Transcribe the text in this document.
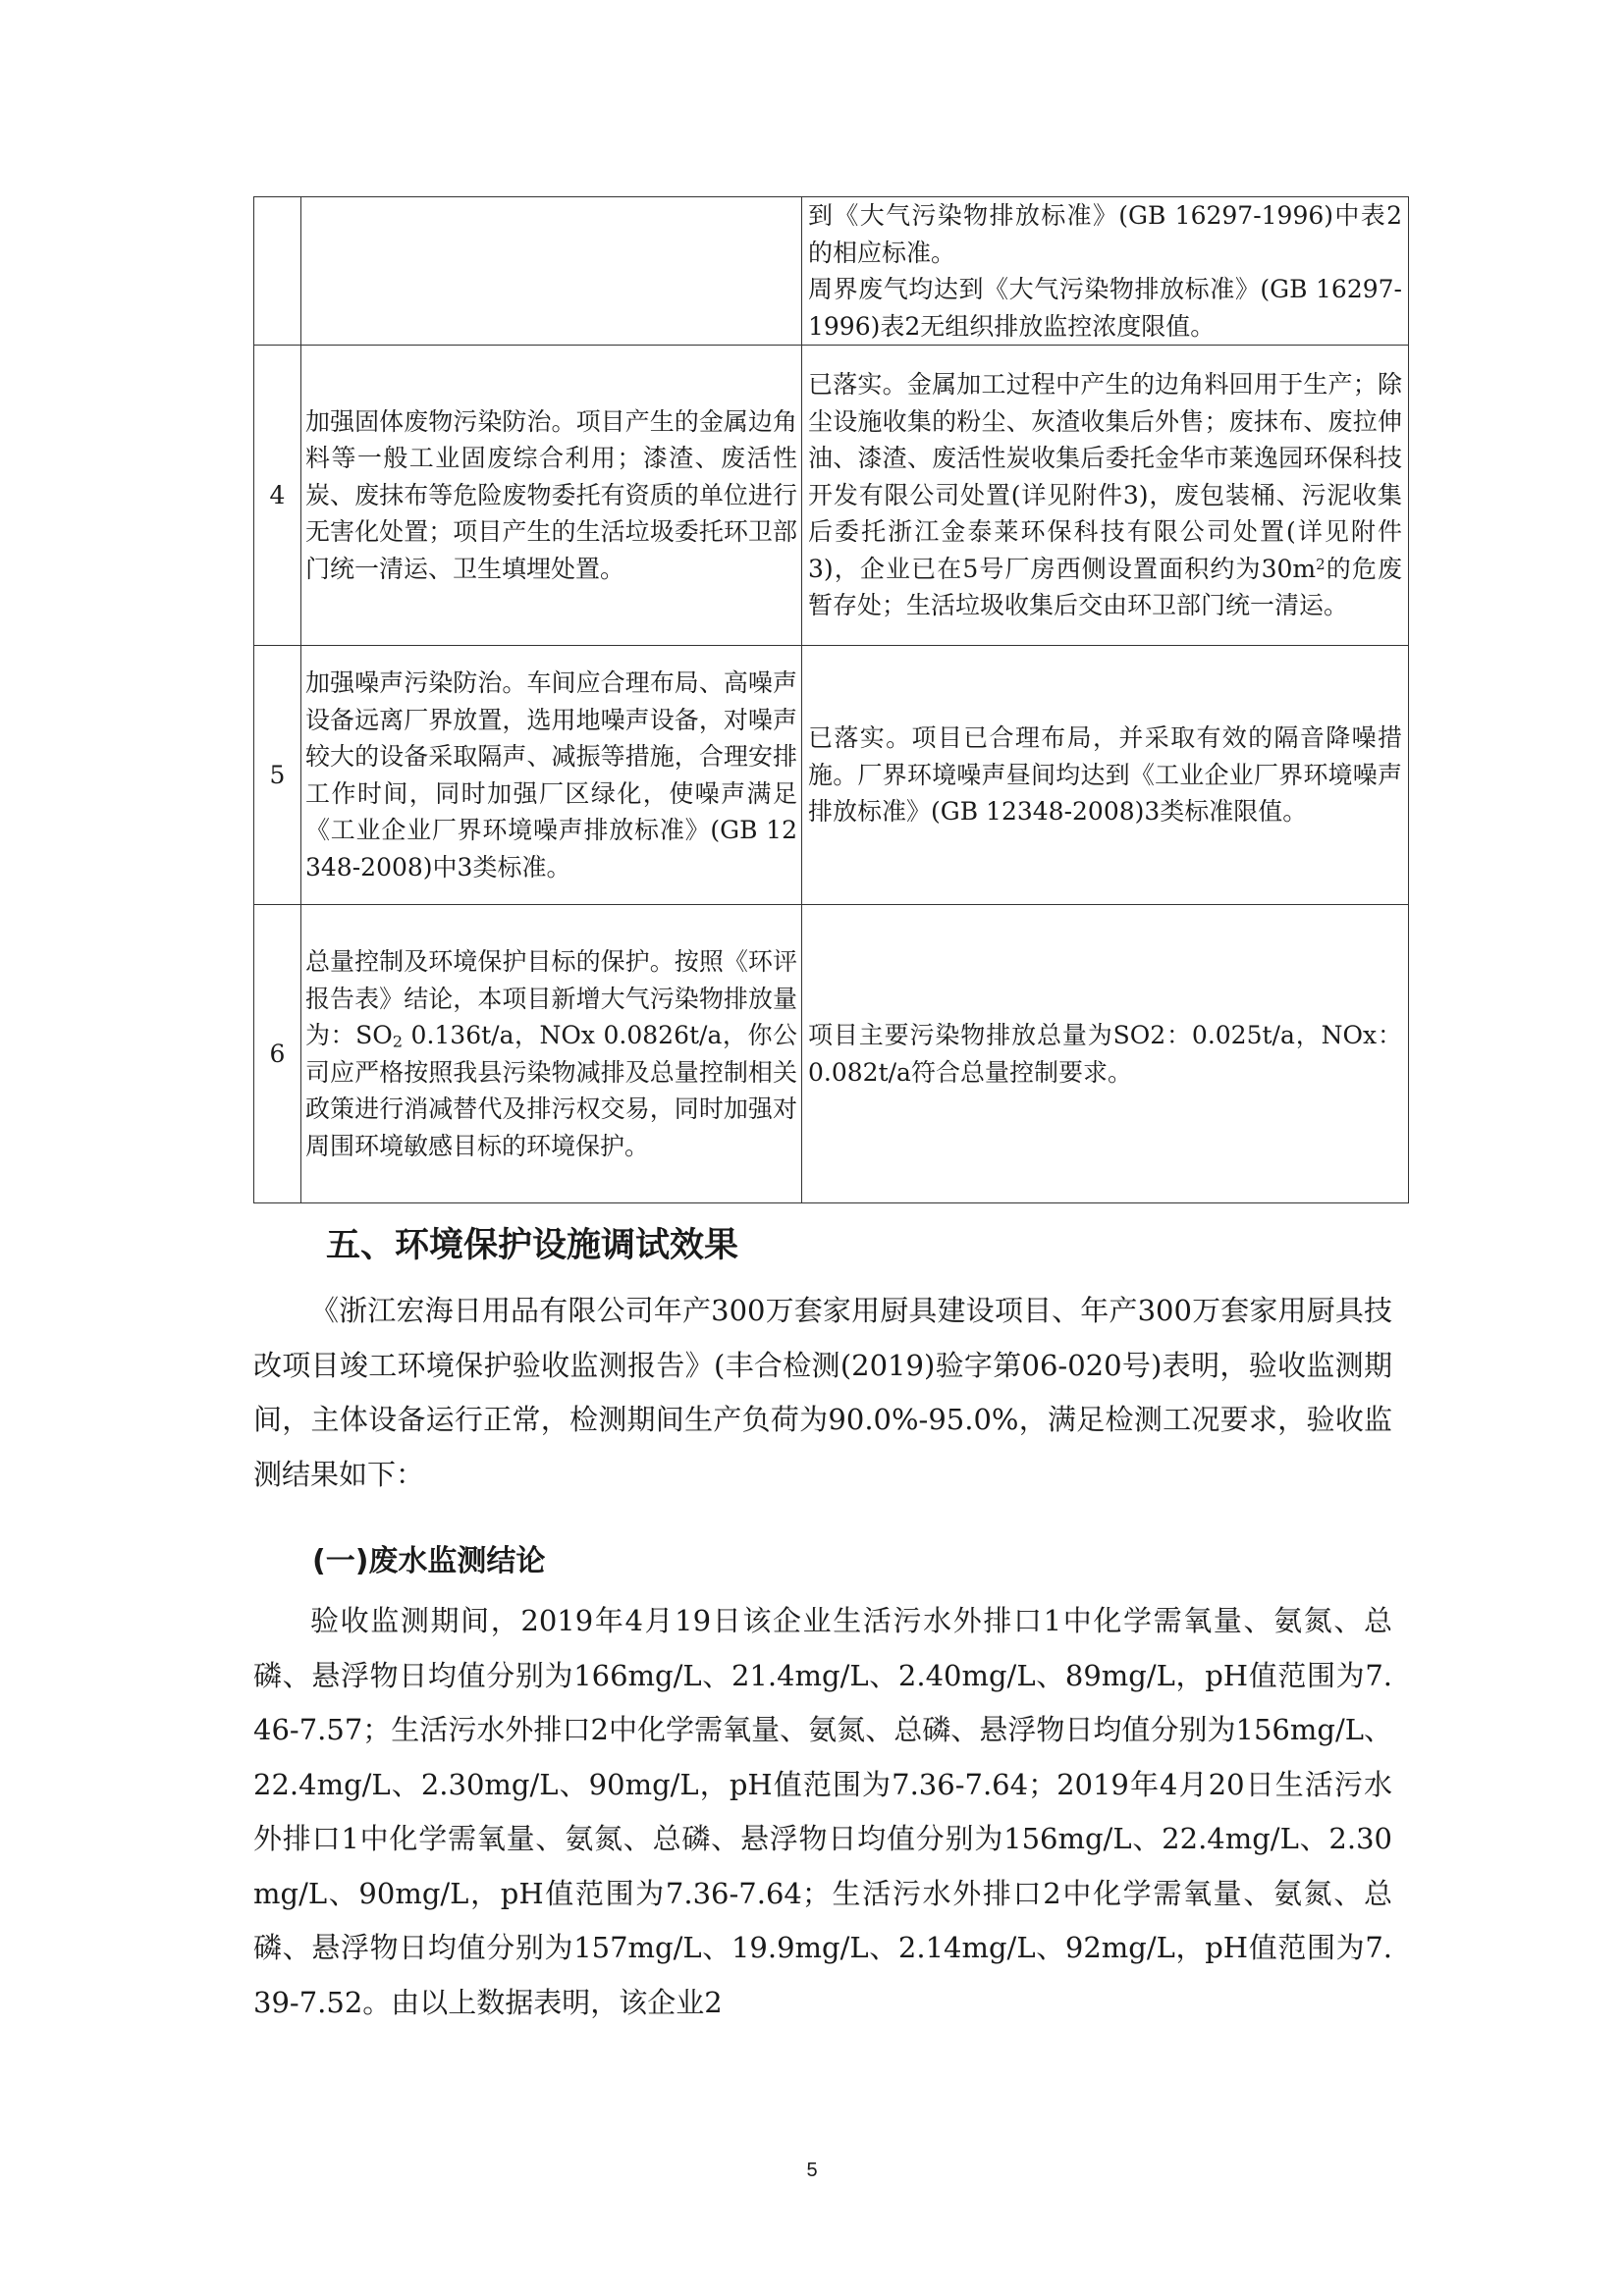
		到《大气污染物排放标准》(GB 16297-1996)中表2的相应标准。
周界废气均达到《大气污染物排放标准》(GB 16297-1996)表2无组织排放监控浓度限值。
4	加强固体废物污染防治。项目产生的金属边角料等一般工业固废综合利用；漆渣、废活性炭、废抹布等危险废物委托有资质的单位进行无害化处置；项目产生的生活垃圾委托环卫部门统一清运、卫生填埋处置。	已落实。金属加工过程中产生的边角料回用于生产；除尘设施收集的粉尘、灰渣收集后外售；废抹布、废拉伸油、漆渣、废活性炭收集后委托金华市莱逸园环保科技开发有限公司处置(详见附件3)，废包装桶、污泥收集后委托浙江金泰莱环保科技有限公司处置(详见附件3)，企业已在5号厂房西侧设置面积约为$30m^2$的危废暂存处；生活垃圾收集后交由环卫部门统一清运。
5	加强噪声污染防治。车间应合理布局、高噪声设备远离厂界放置，选用地噪声设备，对噪声较大的设备采取隔声、减振等措施，合理安排工作时间，同时加强厂区绿化，使噪声满足《工业企业厂界环境噪声排放标准》(GB 12348-2008)中3类标准。	已落实。项目已合理布局，并采取有效的隔音降噪措施。厂界环境噪声昼间均达到《工业企业厂界环境噪声排放标准》(GB 12348-2008)3类标准限值。
6	总量控制及环境保护目标的保护。按照《环评报告表》结论，本项目新增大气污染物排放量为：$SO_2$ 0.136t/a，NOx 0.0826t/a，你公司应严格按照我县污染物减排及总量控制相关政策进行消减替代及排污权交易，同时加强对周围环境敏感目标的环境保护。	项目主要污染物排放总量为SO2：0.025t/a，NOx：0.082t/a符合总量控制要求。
五、环境保护设施调试效果

《浙江宏海日用品有限公司年产300万套家用厨具建设项目、年产300万套家用厨具技改项目竣工环境保护验收监测报告》(丰合检测(2019)验字第06-020号)表明，验收监测期间，主体设备运行正常，检测期间生产负荷为90.0%-95.0%，满足检测工况要求，验收监测结果如下：

(一)废水监测结论

验收监测期间，2019年4月19日该企业生活污水外排口1中化学需氧量、氨氮、总磷、悬浮物日均值分别为166mg/L、21.4mg/L、2.40mg/L、89mg/L，pH值范围为7.46-7.57；生活污水外排口2中化学需氧量、氨氮、总磷、悬浮物日均值分别为156mg/L、22.4mg/L、2.30mg/L、90mg/L，pH值范围为7.36-7.64；2019年4月20日生活污水外排口1中化学需氧量、氨氮、总磷、悬浮物日均值分别为156mg/L、22.4mg/L、2.30mg/L、90mg/L，pH值范围为7.36-7.64；生活污水外排口2中化学需氧量、氨氮、总磷、悬浮物日均值分别为157mg/L、19.9mg/L、2.14mg/L、92mg/L，pH值范围为7.39-7.52。由以上数据表明，该企业2

5
